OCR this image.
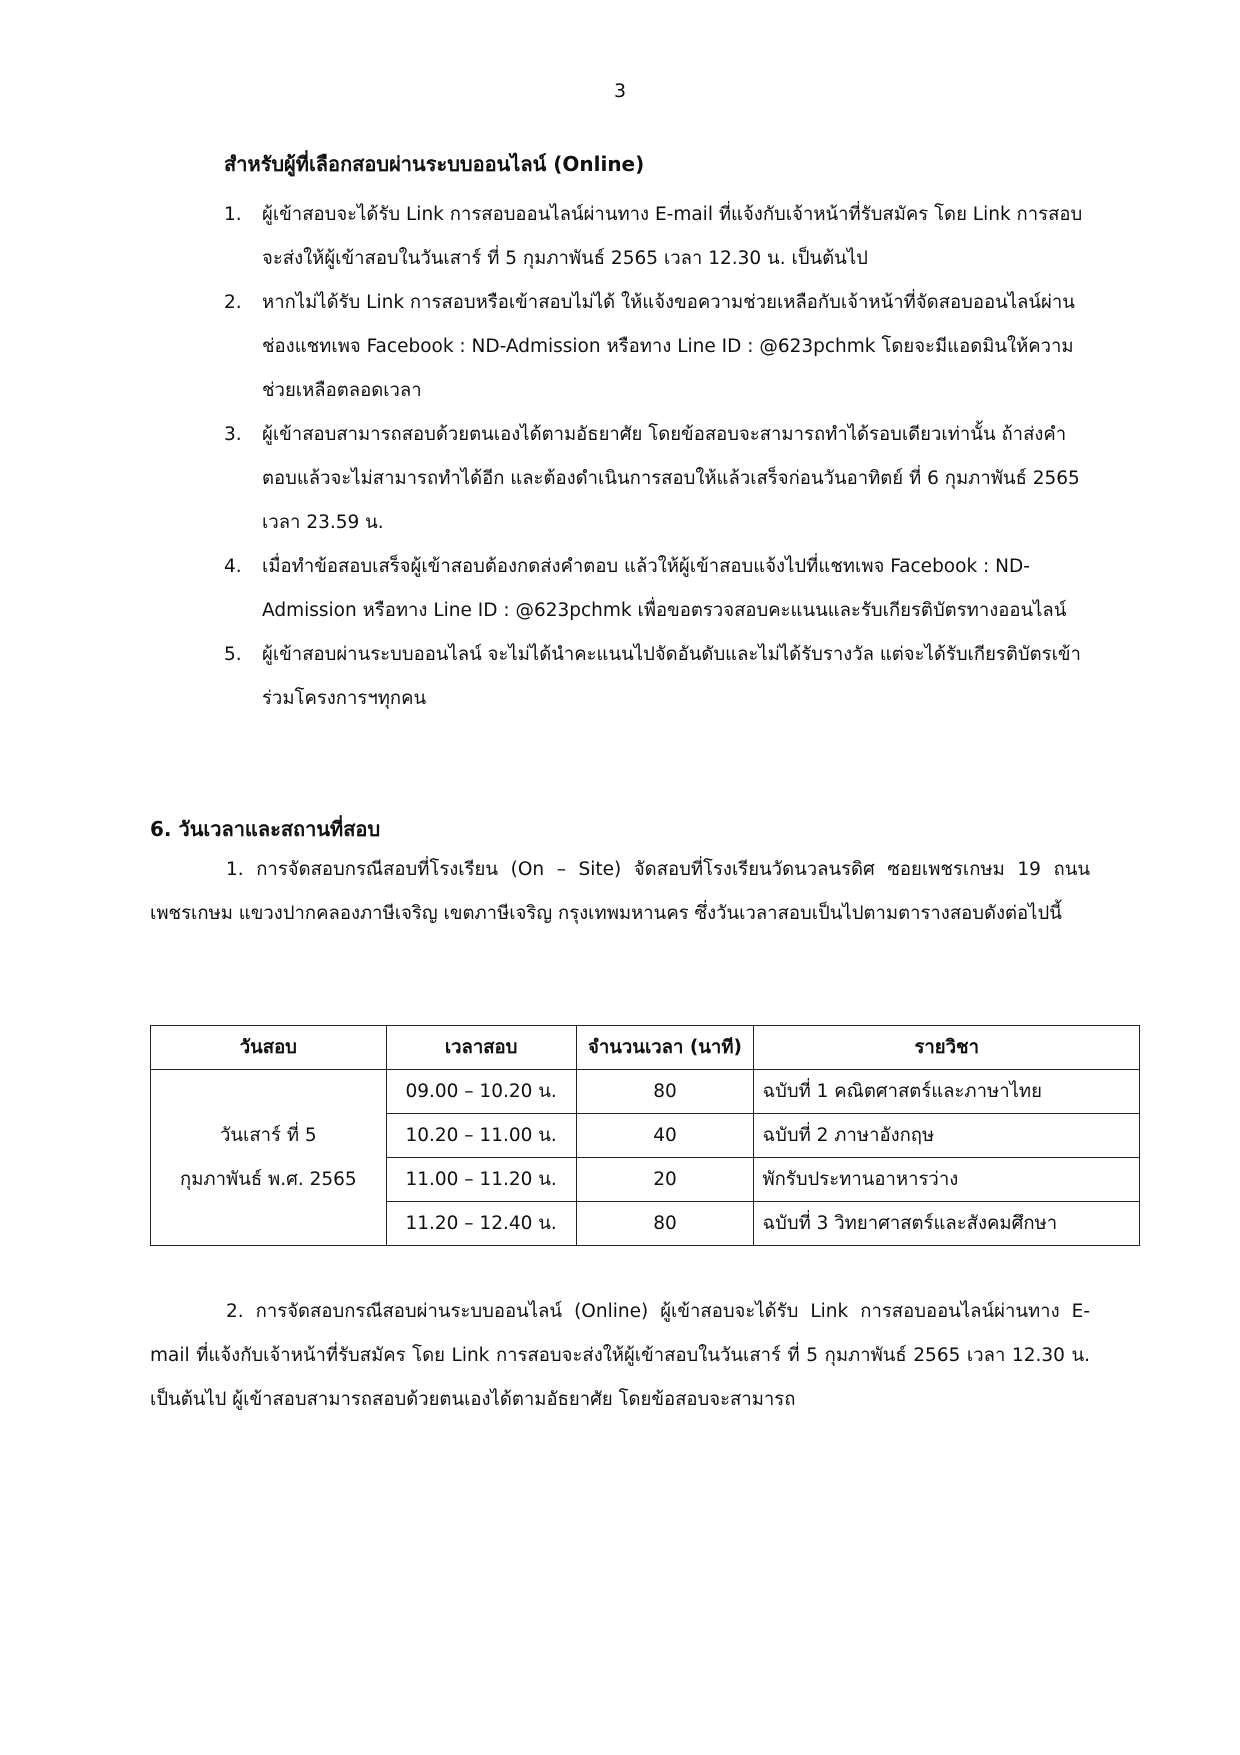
3
สำหรับผู้ที่เลือกสอบผ่านระบบออนไลน์ (Online)
1. ผู้เข้าสอบจะได้รับ Link การสอบออนไลน์ผ่านทาง E-mail ที่แจ้งกับเจ้าหน้าที่รับสมัคร โดย Link การสอบจะส่งให้ผู้เข้าสอบในวันเสาร์ ที่ 5 กุมภาพันธ์ 2565 เวลา 12.30 น. เป็นต้นไป
2. หากไม่ได้รับ Link การสอบหรือเข้าสอบไม่ได้ ให้แจ้งขอความช่วยเหลือกับเจ้าหน้าที่จัดสอบออนไลน์ผ่านช่องแชทเพจ Facebook : ND-Admission หรือทาง Line ID : @623pchmk โดยจะมีแอดมินให้ความช่วยเหลือตลอดเวลา
3. ผู้เข้าสอบสามารถสอบด้วยตนเองได้ตามอัธยาศัย โดยข้อสอบจะสามารถทำได้รอบเดียวเท่านั้น ถ้าส่งคำตอบแล้วจะไม่สามารถทำได้อีก และต้องดำเนินการสอบให้แล้วเสร็จก่อนวันอาทิตย์ ที่ 6 กุมภาพันธ์ 2565 เวลา 23.59 น.
4. เมื่อทำข้อสอบเสร็จผู้เข้าสอบต้องกดส่งคำตอบ แล้วให้ผู้เข้าสอบแจ้งไปที่แชทเพจ Facebook : ND-Admission หรือทาง Line ID : @623pchmk เพื่อขอตรวจสอบคะแนนและรับเกียรติบัตรทางออนไลน์
5. ผู้เข้าสอบผ่านระบบออนไลน์ จะไม่ได้นำคะแนนไปจัดอันดับและไม่ได้รับรางวัล แต่จะได้รับเกียรติบัตรเข้าร่วมโครงการฯทุกคน
6. วันเวลาและสถานที่สอบ

1. การจัดสอบกรณีสอบที่โรงเรียน (On – Site) จัดสอบที่โรงเรียนวัดนวลนรดิศ ซอยเพชรเกษม 19 ถนนเพชรเกษม แขวงปากคลองภาษีเจริญ เขตภาษีเจริญ กรุงเทพมหานคร ซึ่งวันเวลาสอบเป็นไปตามตารางสอบดังต่อไปนี้

วันสอบ	เวลาสอบ	จำนวนเวลา (นาที)	รายวิชา

วันเสาร์ ที่ 5
กุมภาพันธ์ พ.ศ. 2565	09.00 – 10.20 น.	80	ฉบับที่ 1 คณิตศาสตร์และภาษาไทย
	10.20 – 11.00 น.	40	ฉบับที่ 2 ภาษาอังกฤษ
	11.00 – 11.20 น.	20	พักรับประทานอาหารว่าง
	11.20 – 12.40 น.	80	ฉบับที่ 3 วิทยาศาสตร์และสังคมศึกษา

2. การจัดสอบกรณีสอบผ่านระบบออนไลน์ (Online) ผู้เข้าสอบจะได้รับ Link การสอบออนไลน์ผ่านทาง E-mail ที่แจ้งกับเจ้าหน้าที่รับสมัคร โดย Link การสอบจะส่งให้ผู้เข้าสอบในวันเสาร์ ที่ 5 กุมภาพันธ์ 2565 เวลา 12.30 น. เป็นต้นไป ผู้เข้าสอบสามารถสอบด้วยตนเองได้ตามอัธยาศัย โดยข้อสอบจะสามารถ
